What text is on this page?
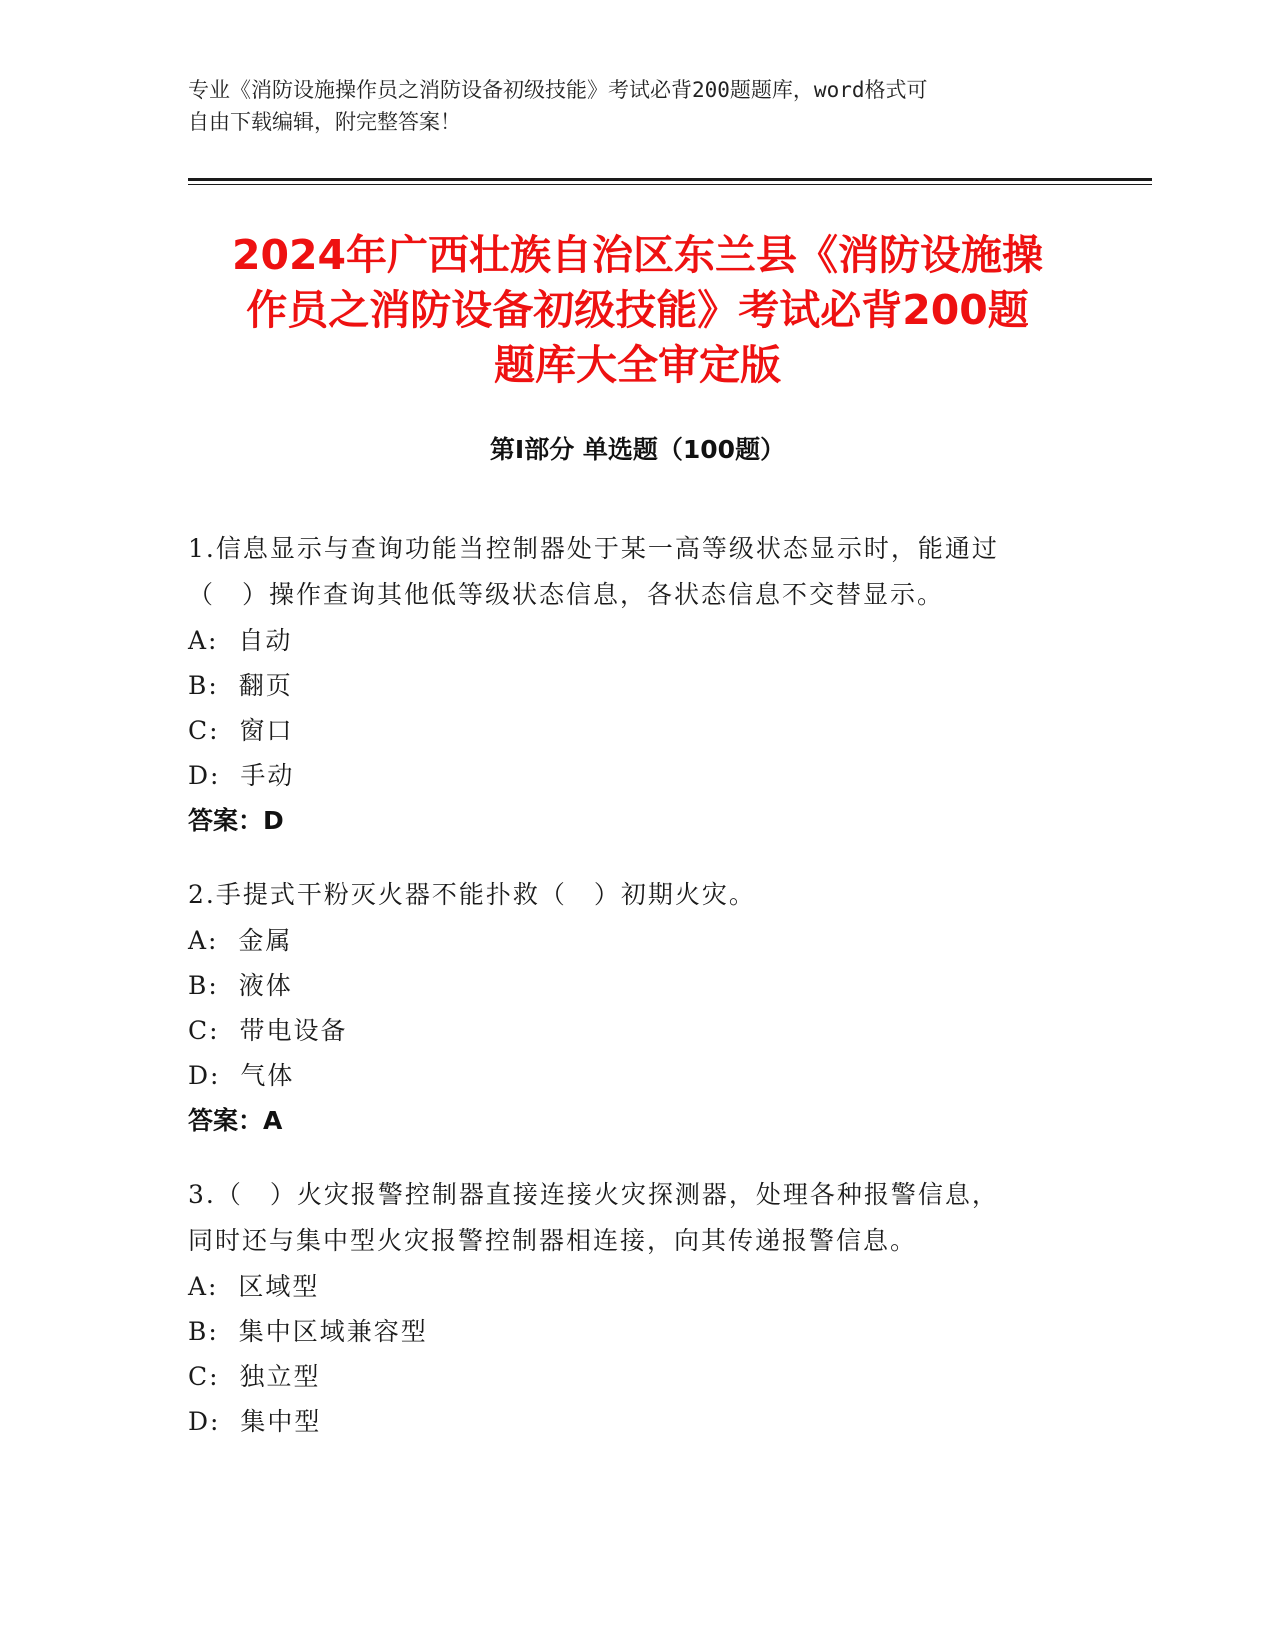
专业《消防设施操作员之消防设备初级技能》考试必背200题题库，word格式可
自由下载编辑，附完整答案！
2024年广西壮族自治区东兰县《消防设施操
作员之消防设备初级技能》考试必背200题
题库大全审定版
第I部分 单选题（100题）
1.信息显示与查询功能当控制器处于某一高等级状态显示时，能通过
（　）操作查询其他低等级状态信息，各状态信息不交替显示。
A:  自动
B:  翻页
C:  窗口
D:  手动
答案：D
2.手提式干粉灭火器不能扑救（　）初期火灾。
A:  金属
B:  液体
C:  带电设备
D:  气体
答案：A
3.（　）火灾报警控制器直接连接火灾探测器，处理各种报警信息，
同时还与集中型火灾报警控制器相连接，向其传递报警信息。
A:  区域型
B:  集中区域兼容型
C:  独立型
D:  集中型
